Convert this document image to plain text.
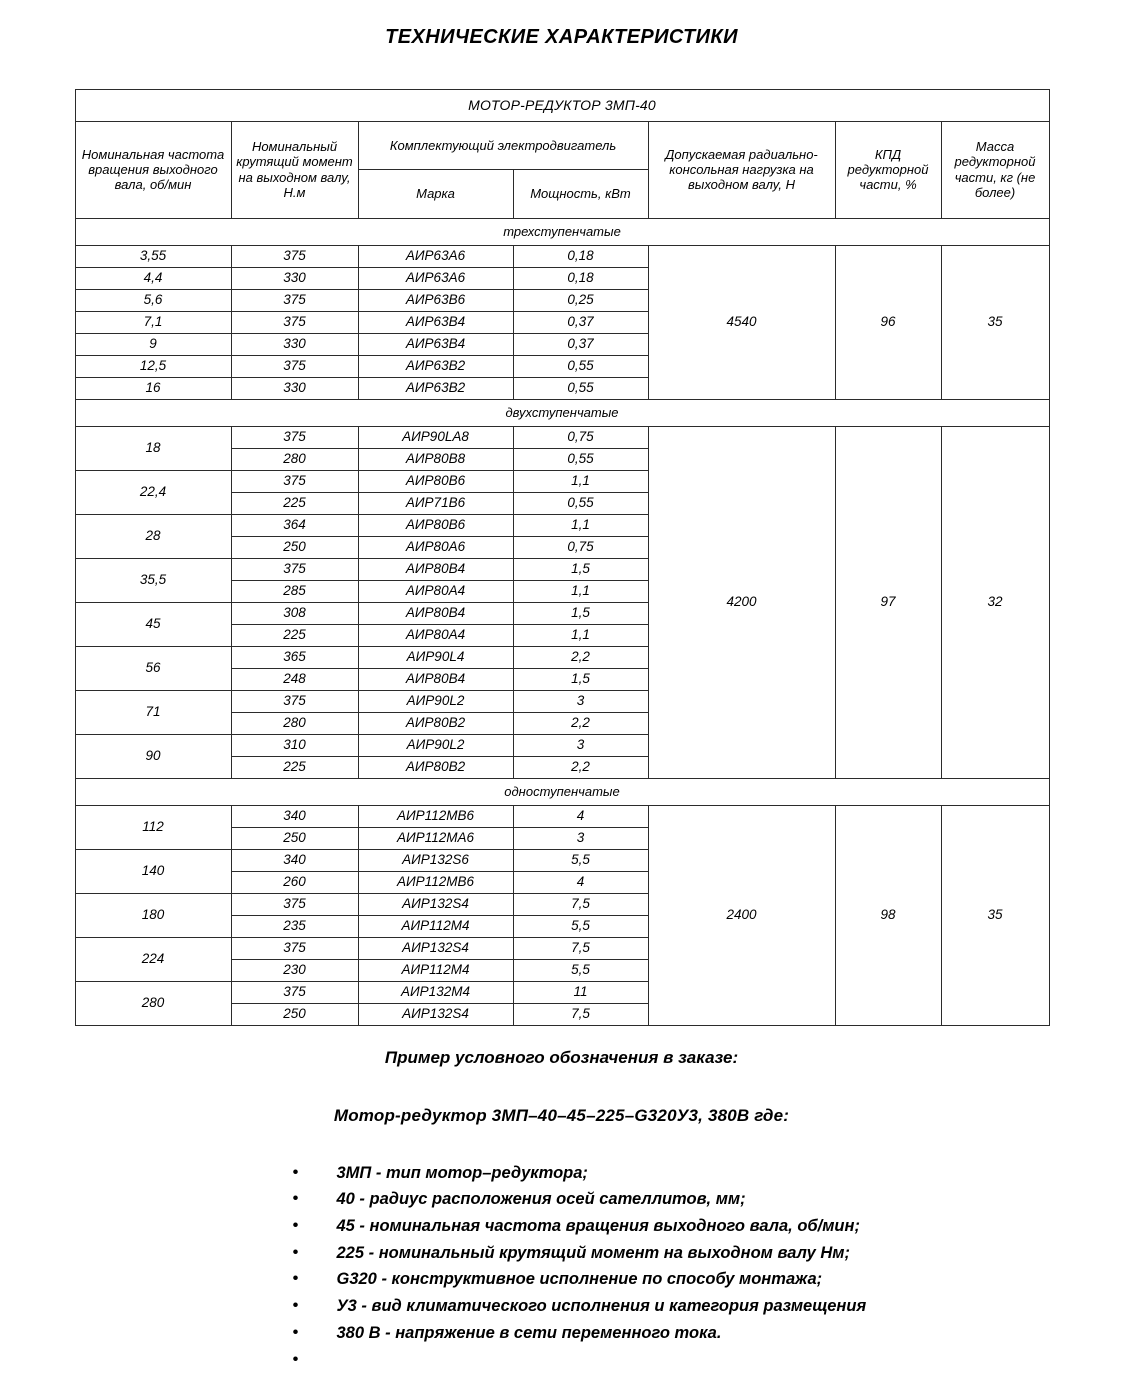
ТЕХНИЧЕСКИЕ ХАРАКТЕРИСТИКИ
МОТОР-РЕДУКТОР 3МП-40						
Номинальная частота вращения выходного вала, об/мин	Номинальный крутящий момент на выходном валу, Н.м	Комплектующий электродвигатель		Допускаемая радиально-консольная нагрузка на выходном валу, Н	КПД редукторной части, %	Масса редукторной части, кг (не более)
		Марка	Мощность, кВт			

трехступенчатые						

3,55	375	АИР63А6	0,18	4540	96	35
4,4	330	АИР63А6	0,18			
5,6	375	АИР63В6	0,25			
7,1	375	АИР63В4	0,37			
9	330	АИР63В4	0,37			
12,5	375	АИР63В2	0,55			
16	330	АИР63В2	0,55			

двухступенчатые						

18	375	АИР90LA8	0,75	4200	97	32
	280	АИР80В8	0,55			
22,4	375	АИР80В6	1,1			
	225	АИР71В6	0,55			
28	364	АИР80В6	1,1			
	250	АИР80А6	0,75			
35,5	375	АИР80В4	1,5			
	285	АИР80А4	1,1			
45	308	АИР80В4	1,5			
	225	АИР80А4	1,1			
56	365	АИР90L4	2,2			
	248	АИР80В4	1,5			
71	375	АИР90L2	3			
	280	АИР80В2	2,2			
90	310	АИР90L2	3			
	225	АИР80В2	2,2			

одноступенчатые						

112	340	АИР112МВ6	4	2400	98	35
	250	АИР112МА6	3			
140	340	АИР132S6	5,5			
	260	АИР112МВ6	4			
180	375	АИР132S4	7,5			
	235	АИР112М4	5,5			
224	375	АИР132S4	7,5			
	230	АИР112М4	5,5			
280	375	АИР132М4	11			
	250	АИР132S4	7,5			

Пример условного обозначения в заказе:

Мотор-редуктор 3МП–40–45–225–G320У3, 380В где:

• 3МП - тип мотор–редуктора;
• 40 - радиус расположения осей сателлитов, мм;
• 45 - номинальная частота вращения выходного вала, об/мин;
• 225 - номинальный крутящий момент на выходном валу Нм;
• G320 - конструктивное исполнение по способу монтажа;
• У3 - вид климатического исполнения и категория размещения
• 380 В - напряжение в сети переменного тока.
•
